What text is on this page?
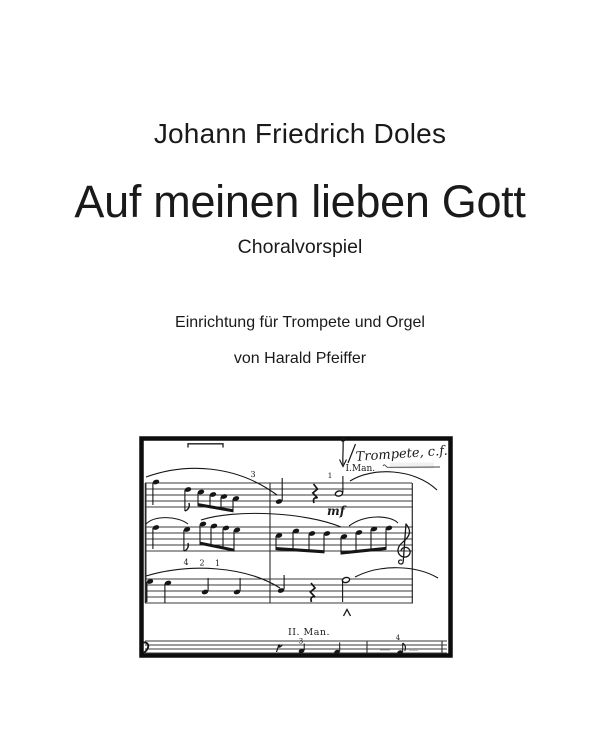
Johann Friedrich Doles
Auf meinen lieben Gott
Choralvorspiel
Einrichtung für Trompete und Orgel
von Harald Pfeiffer
3	1
mf
4 2 1
3	4
II. Man.
Trompete, c.f.
I.Man.
